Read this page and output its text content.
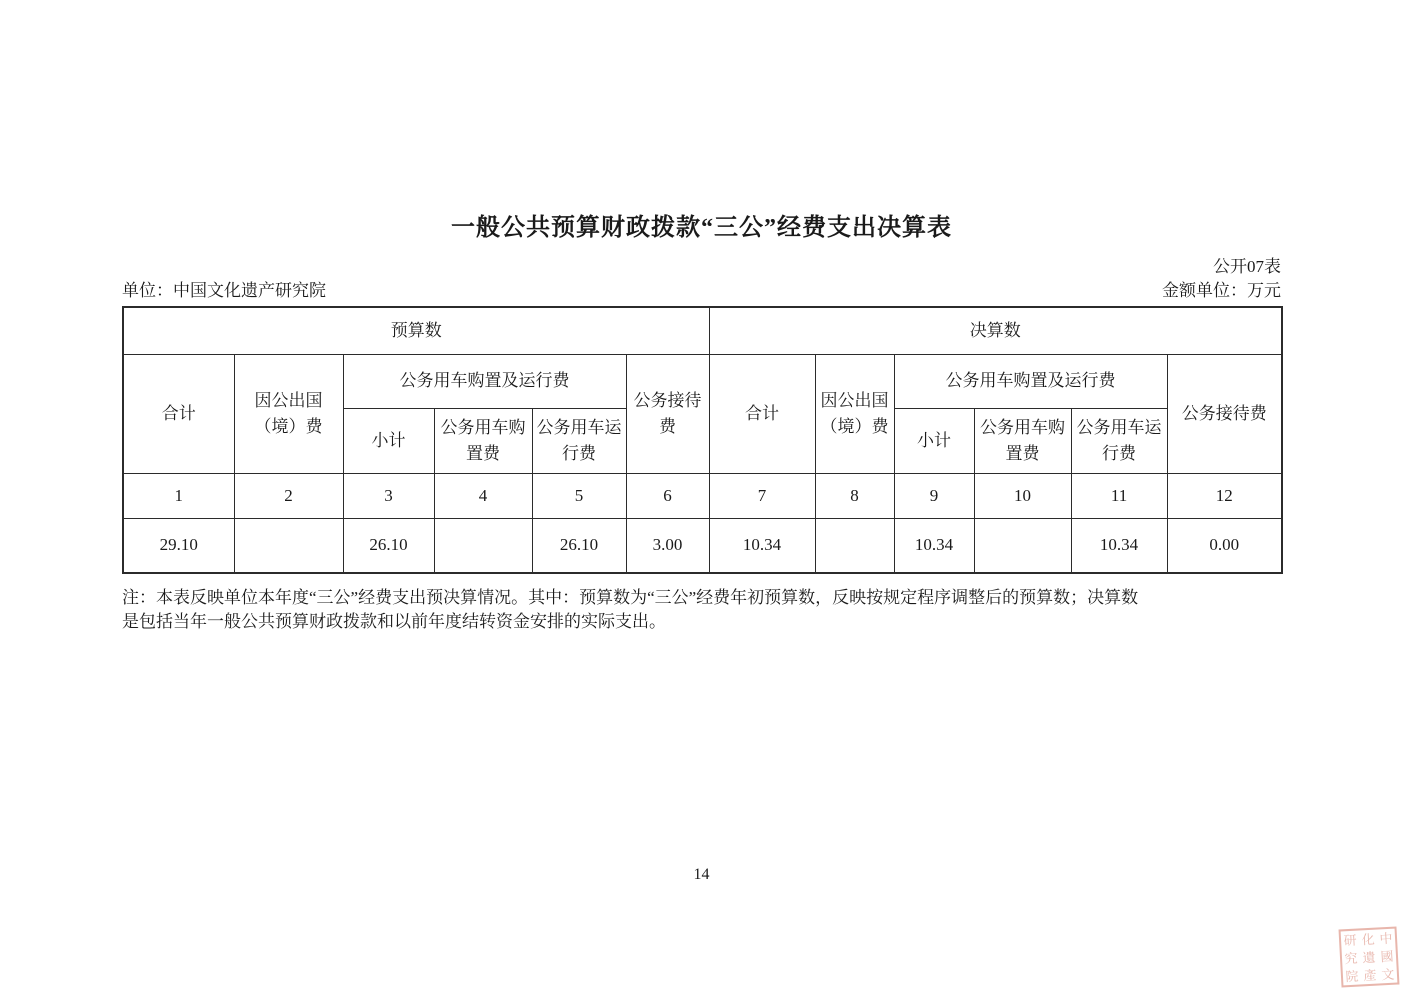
一般公共预算财政拨款“三公”经费支出决算表
公开07表
单位：中国文化遗产研究院	金额单位：万元
预算数						决算数					
合计	因公出国（境）费	公务用车购置及运行费			公务接待费	合计	因公出国（境）费	公务用车购置及运行费			公务接待费
		小计	公务用车购置费	公务用车运行费				小计	公务用车购置费	公务用车运行费	
1	2	3	4	5	6	7	8	9	10	11	12
29.10		26.10		26.10	3.00	10.34		10.34		10.34	0.00
注：本表反映单位本年度“三公”经费支出预决算情况。其中：预算数为“三公”经费年初预算数，反映按规定程序调整后的预算数；决算数
是包括当年一般公共预算财政拨款和以前年度结转资金安排的实际支出。
14
研 化 中
究 遺 國
院 產 文
